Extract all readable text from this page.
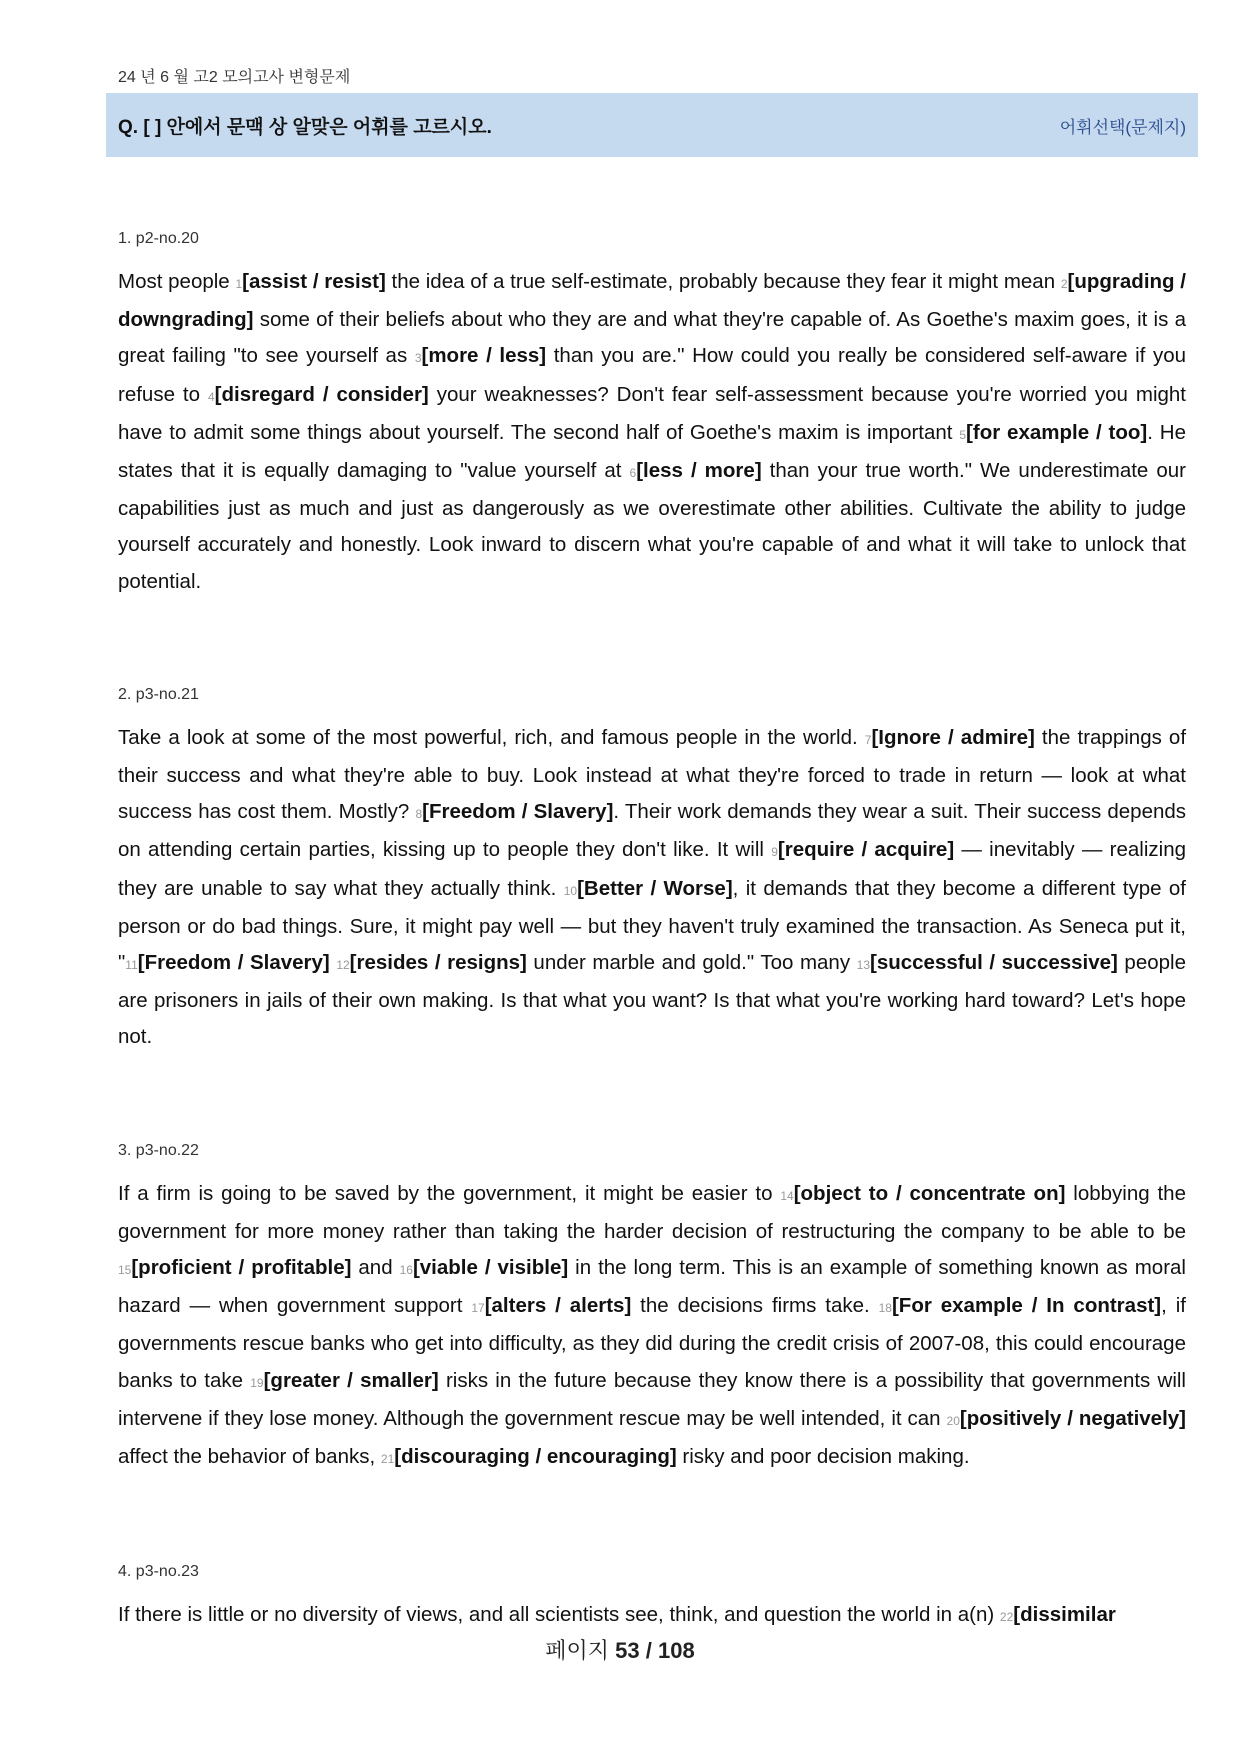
24 년 6 월 고2 모의고사 변형문제
Q. [ ] 안에서 문맥 상 알맞은 어휘를 고르시오.	어휘선택(문제지)
1. p2-no.20

Most people 1[assist / resist] the idea of a true self-estimate, probably because they fear it might mean 2[upgrading / downgrading] some of their beliefs about who they are and what they're capable of. As Goethe's maxim goes, it is a great failing "to see yourself as 3[more / less] than you are." How could you really be considered self-aware if you refuse to 4[disregard / consider] your weaknesses? Don't fear self-assessment because you're worried you might have to admit some things about yourself. The second half of Goethe's maxim is important 5[for example / too]. He states that it is equally damaging to "value yourself at 6[less / more] than your true worth." We underestimate our capabilities just as much and just as dangerously as we overestimate other abilities. Cultivate the ability to judge yourself accurately and honestly. Look inward to discern what you're capable of and what it will take to unlock that potential.

2. p3-no.21

Take a look at some of the most powerful, rich, and famous people in the world. 7[Ignore / admire] the trappings of their success and what they're able to buy. Look instead at what they're forced to trade in return — look at what success has cost them. Mostly? 8[Freedom / Slavery]. Their work demands they wear a suit. Their success depends on attending certain parties, kissing up to people they don't like. It will 9[require / acquire] — inevitably — realizing they are unable to say what they actually think. 10[Better / Worse], it demands that they become a different type of person or do bad things. Sure, it might pay well — but they haven't truly examined the transaction. As Seneca put it, "11[Freedom / Slavery] 12[resides / resigns] under marble and gold." Too many 13[successful / successive] people are prisoners in jails of their own making. Is that what you want? Is that what you're working hard toward? Let's hope not.

3. p3-no.22

If a firm is going to be saved by the government, it might be easier to 14[object to / concentrate on] lobbying the government for more money rather than taking the harder decision of restructuring the company to be able to be 15[proficient / profitable] and 16[viable / visible] in the long term. This is an example of something known as moral hazard — when government support 17[alters / alerts] the decisions firms take. 18[For example / In contrast], if governments rescue banks who get into difficulty, as they did during the credit crisis of 2007-08, this could encourage banks to take 19[greater / smaller] risks in the future because they know there is a possibility that governments will intervene if they lose money. Although the government rescue may be well intended, it can 20[positively / negatively] affect the behavior of banks, 21[discouraging / encouraging] risky and poor decision making.

4. p3-no.23

If there is little or no diversity of views, and all scientists see, think, and question the world in a(n) 22[dissimilar

페이지 53 / 108
